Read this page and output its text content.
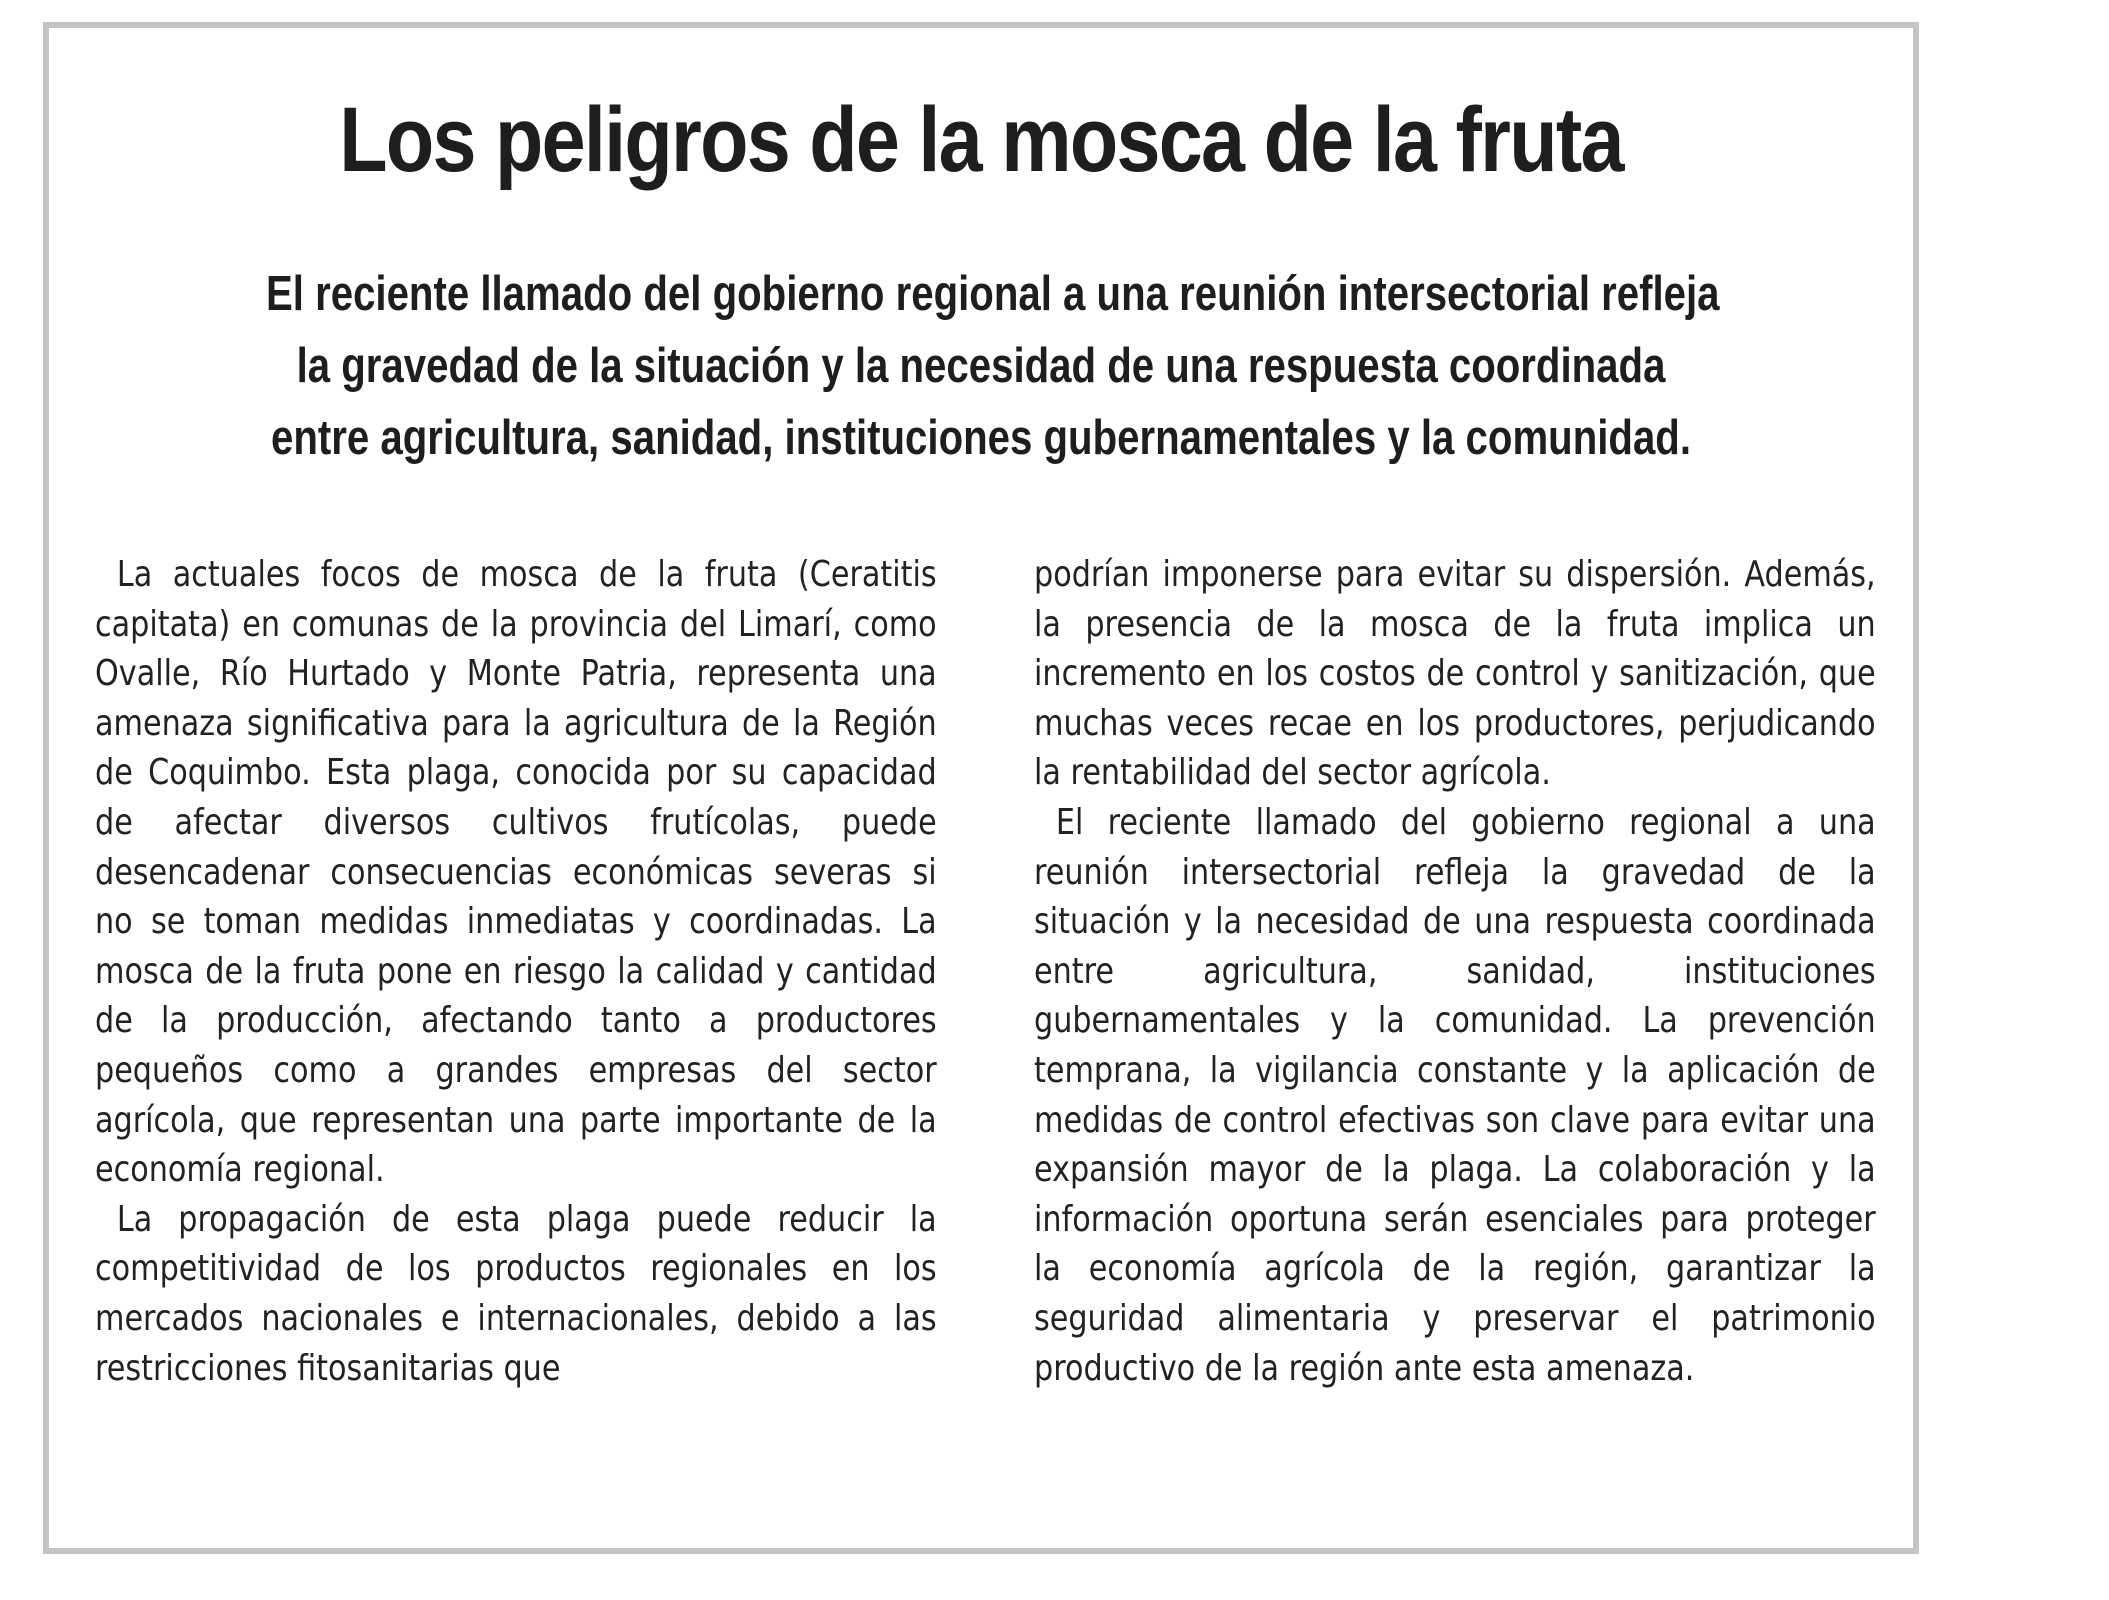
Los peligros de la mosca de la fruta
El reciente llamado del gobierno regional a una reunión intersectorial refleja
la gravedad de la situación y la necesidad de una respuesta coordinada
entre agricultura, sanidad, instituciones gubernamentales y la comunidad.

La actuales focos de mosca de la fruta (Ceratitis capitata) en comunas de la provincia del Limarí, como Ovalle, Río Hurtado y Monte Patria, representa una amenaza significativa para la agricultura de la Región de Coquimbo. Esta plaga, conocida por su capacidad de afectar diversos cultivos frutícolas, puede desencadenar consecuencias económicas severas si no se toman medidas inmediatas y coordinadas. La mosca de la fruta pone en riesgo la calidad y cantidad de la producción, afectando tanto a productores pequeños como a grandes empresas del sector agrícola, que representan una parte importante de la economía regional.

La propagación de esta plaga puede reducir la competitividad de los productos regionales en los mercados nacionales e internacionales, debido a las restricciones fitosanitarias que

podrían imponerse para evitar su dispersión. Además, la presencia de la mosca de la fruta implica un incremento en los costos de control y sanitización, que muchas veces recae en los productores, perjudicando la rentabilidad del sector agrícola.

El reciente llamado del gobierno regional a una reunión intersectorial refleja la gravedad de la situación y la necesidad de una respuesta coordinada entre agricultura, sanidad, instituciones gubernamentales y la comunidad. La prevención temprana, la vigilancia constante y la aplicación de medidas de control efectivas son clave para evitar una expansión mayor de la plaga. La colaboración y la información oportuna serán esenciales para proteger la economía agrícola de la región, garantizar la seguridad alimentaria y preservar el patrimonio productivo de la región ante esta amenaza.
